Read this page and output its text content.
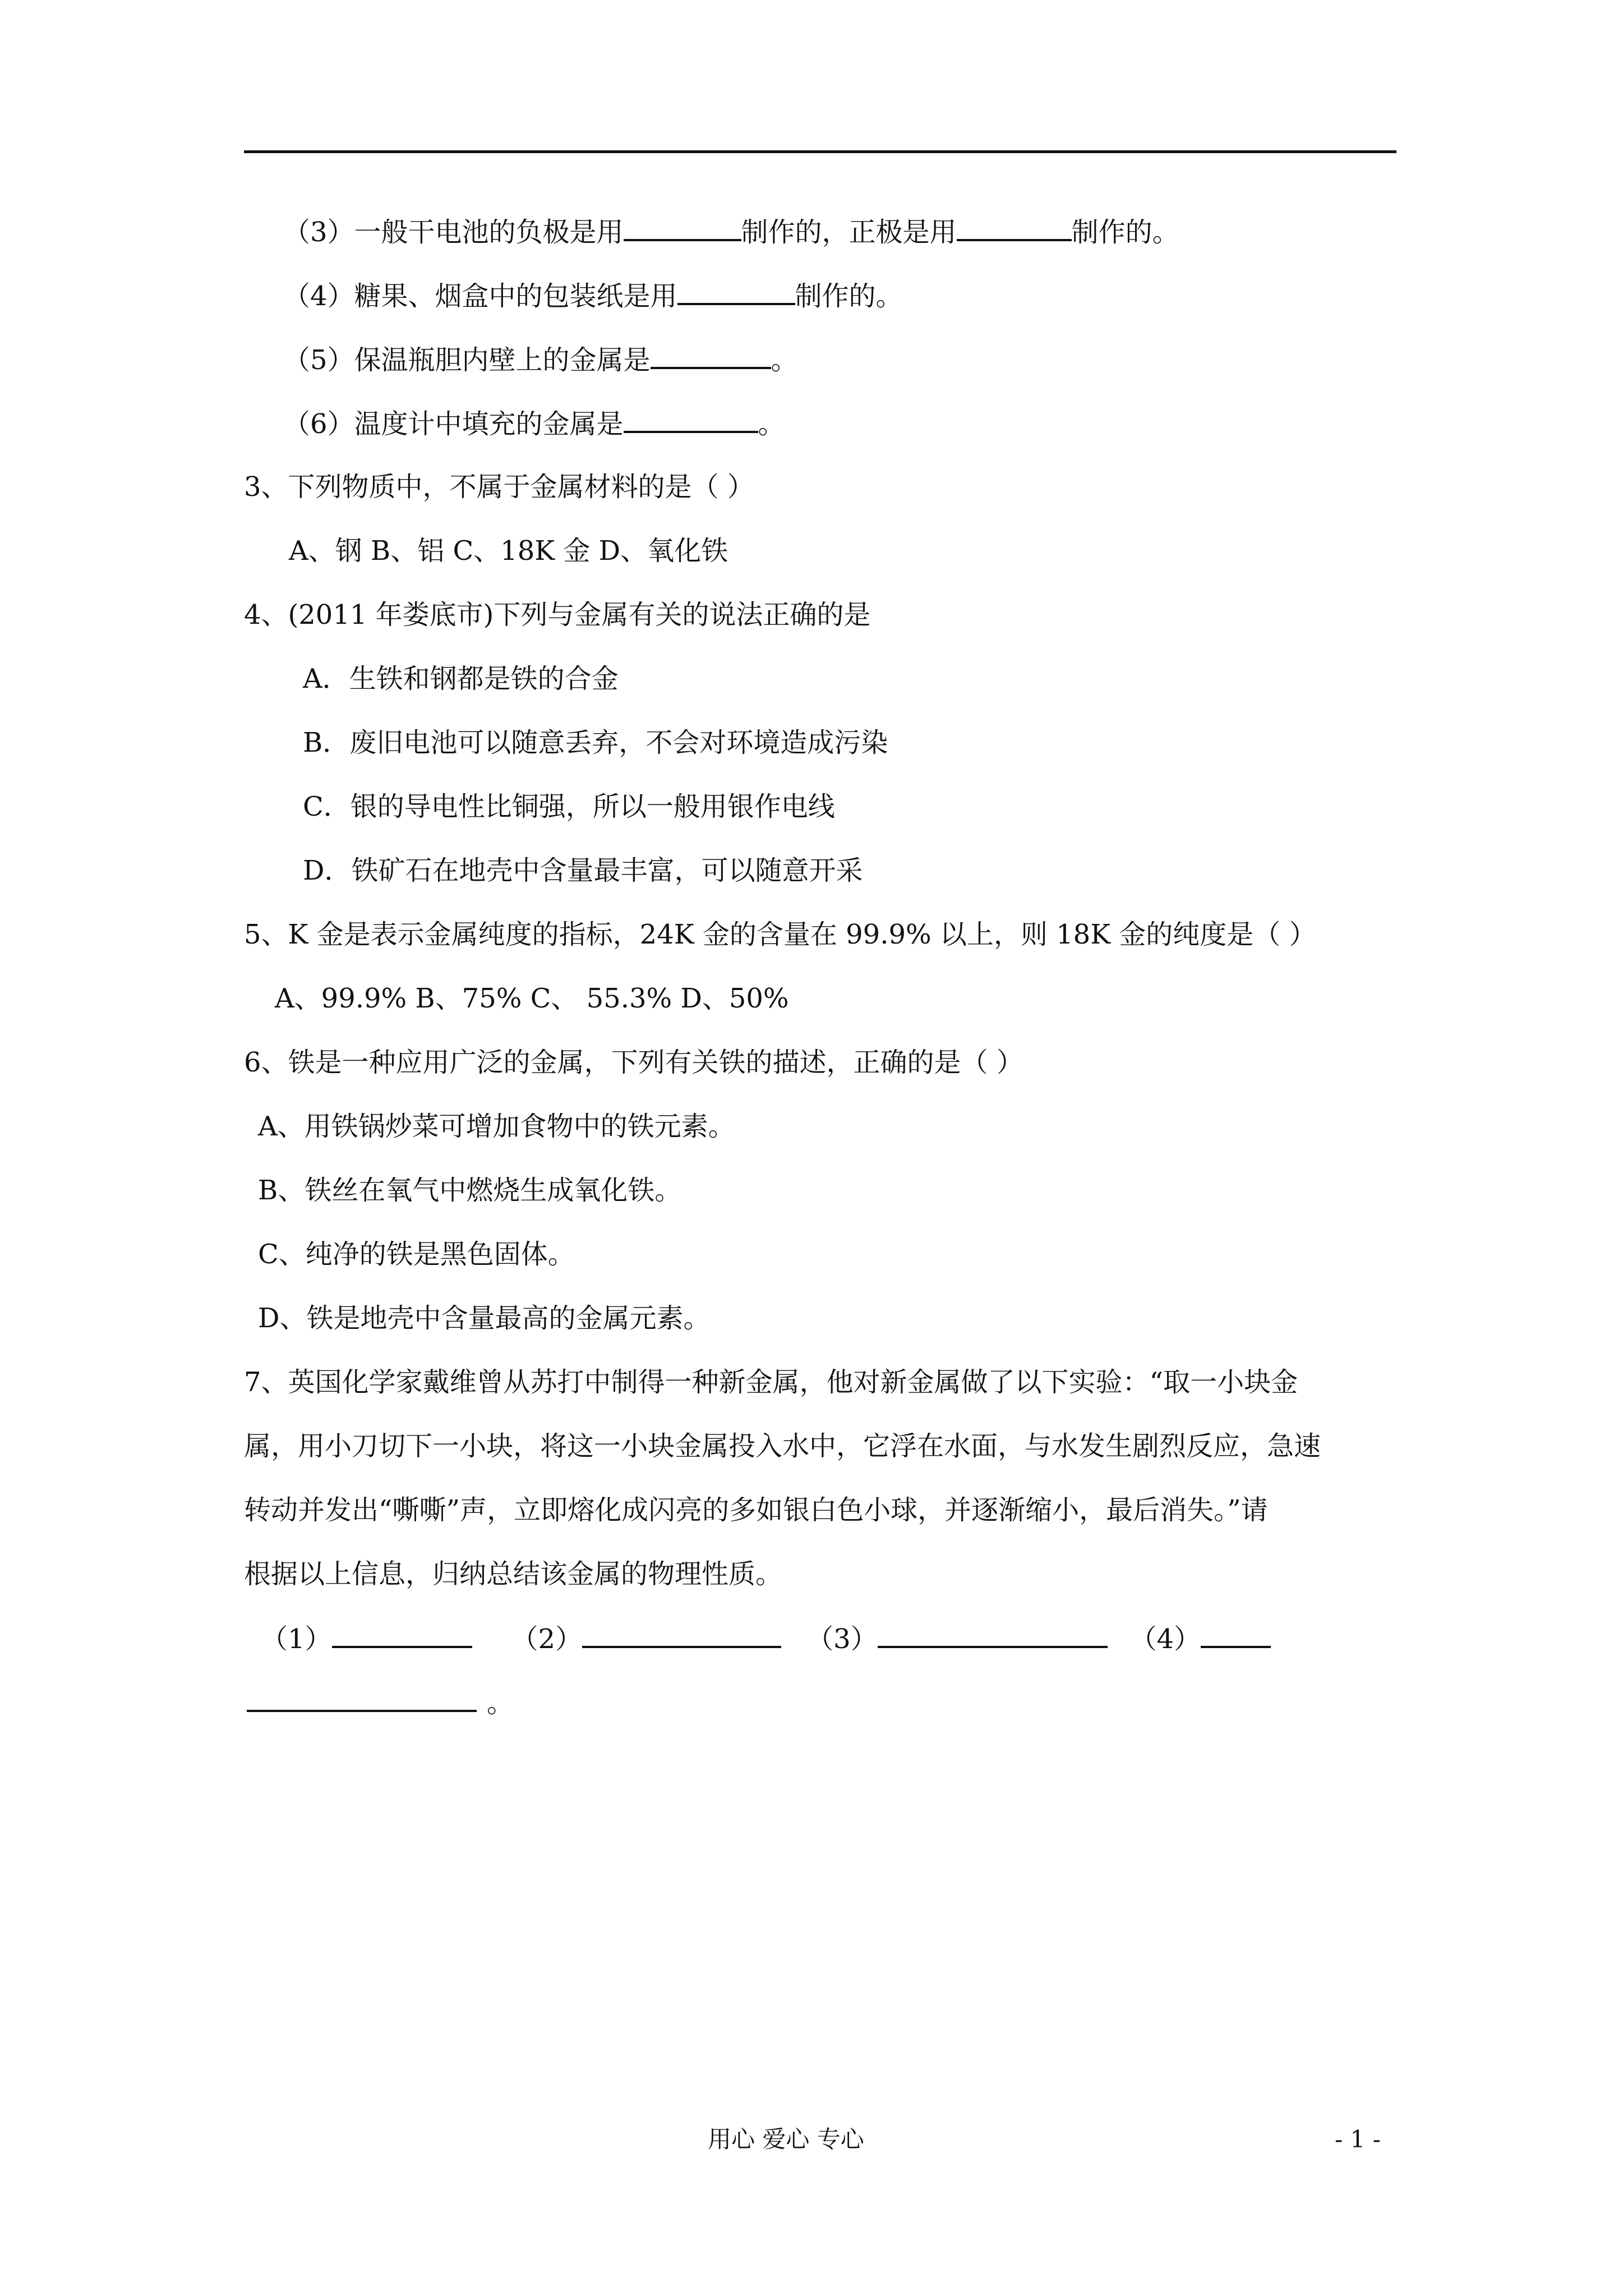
（3）一般干电池的负极是用	制作的，正极是用	制作的。
（4）糖果、烟盒中的包装纸是用	制作的。
（5）保温瓶胆内壁上的金属是	。
（6）温度计中填充的金属是	。
3、下列物质中，不属于金属材料的是（ ）
A、钢 B、铝 C、18K 金 D、氧化铁
4、(2011 年娄底市)下列与金属有关的说法正确的是
A．生铁和钢都是铁的合金
B．废旧电池可以随意丢弃，不会对环境造成污染
C．银的导电性比铜强，所以一般用银作电线
D．铁矿石在地壳中含量最丰富，可以随意开采
5、K 金是表示金属纯度的指标，24K 金的含量在 99.9% 以上，则 18K 金的纯度是（ ）
A、99.9% B、75% C、 55.3% D、50%
6、铁是一种应用广泛的金属，下列有关铁的描述，正确的是（ ）
A、用铁锅炒菜可增加食物中的铁元素。
B、铁丝在氧气中燃烧生成氧化铁。
C、纯净的铁是黑色固体。
D、铁是地壳中含量最高的金属元素。
7、英国化学家戴维曾从苏打中制得一种新金属，他对新金属做了以下实验：“取一小块金
属，用小刀切下一小块，将这一小块金属投入水中，它浮在水面，与水发生剧烈反应，急速
转动并发出“嘶嘶”声，立即熔化成闪亮的多如银白色小球，并逐渐缩小，最后消失。”请
根据以上信息，归纳总结该金属的物理性质。
（1）	（2）	（3）	（4）
。
用心 爱心 专心	- 1 -
